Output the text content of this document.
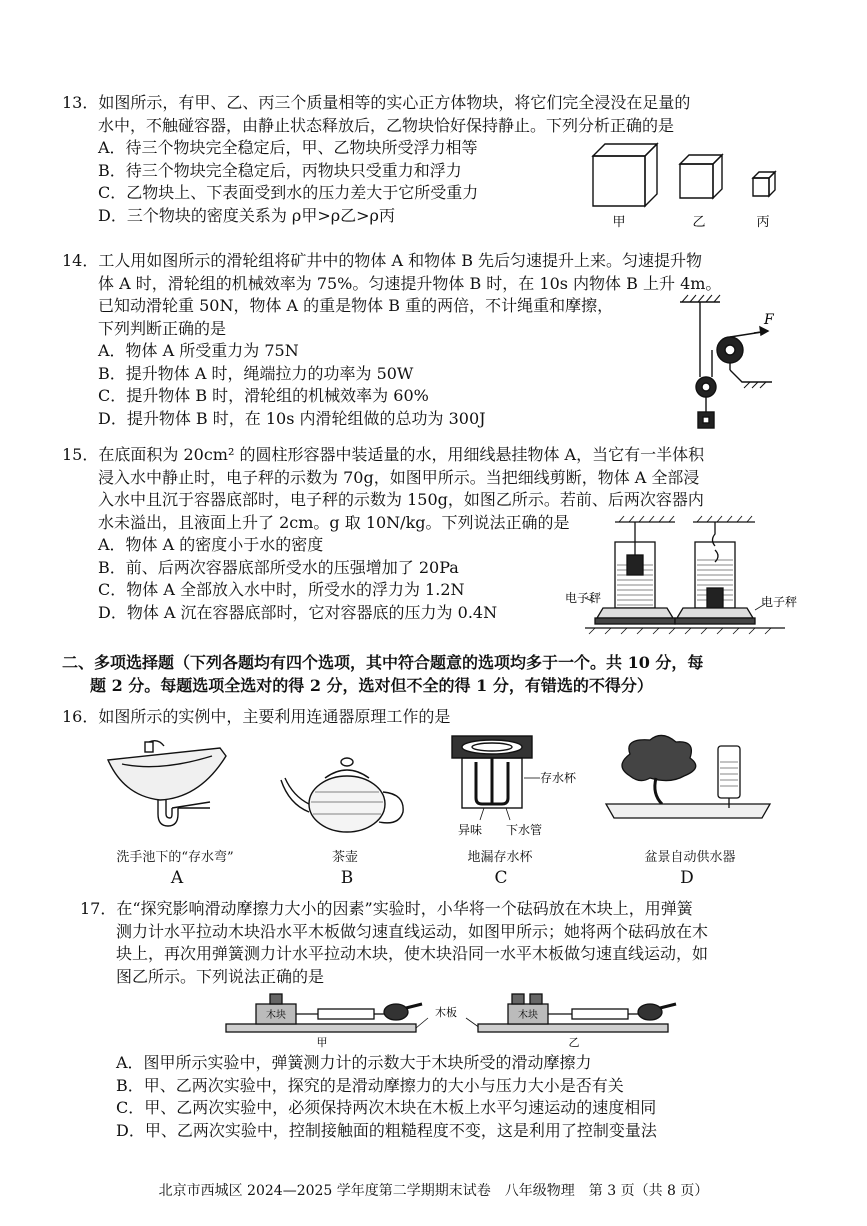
13．如图所示，有甲、乙、丙三个质量相等的实心正方体物块，将它们完全浸没在足量的
水中，不触碰容器，由静止状态释放后，乙物块恰好保持静止。下列分析正确的是
A．待三个物块完全稳定后，甲、乙物块所受浮力相等
B．待三个物块完全稳定后，丙物块只受重力和浮力
C．乙物块上、下表面受到水的压力差大于它所受重力
D．三个物块的密度关系为 ρ甲>ρ乙>ρ丙	甲	乙	丙
14．工人用如图所示的滑轮组将矿井中的物体 A 和物体 B 先后匀速提升上来。匀速提升物
体 A 时，滑轮组的机械效率为 75%。匀速提升物体 B 时，在 10s 内物体 B 上升 4m。
已知动滑轮重 50N，物体 A 的重是物体 B 重的两倍，不计绳重和摩擦，
下列判断正确的是
A．物体 A 所受重力为 75N
B．提升物体 A 时，绳端拉力的功率为 50W
C．提升物体 B 时，滑轮组的机械效率为 60%
D．提升物体 B 时，在 10s 内滑轮组做的总功为 300J
F
15．在底面积为 20cm² 的圆柱形容器中装适量的水，用细线悬挂物体 A，当它有一半体积
浸入水中静止时，电子秤的示数为 70g，如图甲所示。当把细线剪断，物体 A 全部浸
入水中且沉于容器底部时，电子秤的示数为 150g，如图乙所示。若前、后两次容器内
水未溢出，且液面上升了 2cm。g 取 10N/kg。下列说法正确的是
A．物体 A 的密度小于水的密度
B．前、后两次容器底部所受水的压强增加了 20Pa
C．物体 A 全部放入水中时，所受水的浮力为 1.2N
D．物体 A 沉在容器底部时，它对容器底的压力为 0.4N
电子秤	电子秤
二、多项选择题（下列各题均有四个选项，其中符合题意的选项均多于一个。共 10 分，每
题 2 分。每题选项全选对的得 2 分，选对但不全的得 1 分，有错选的不得分）
16．如图所示的实例中，主要利用连通器原理工作的是
存水杯
异味 下水管
洗手池下的“存水弯”	茶壶	地漏存水杯	盆景自动供水器
A	B	C	D
17．在“探究影响滑动摩擦力大小的因素”实验时，小华将一个砝码放在木块上，用弹簧
测力计水平拉动木块沿水平木板做匀速直线运动，如图甲所示；她将两个砝码放在木
块上，再次用弹簧测力计水平拉动木块，使木块沿同一水平木板做匀速直线运动，如
图乙所示。下列说法正确的是
木块	木板	木块
甲	乙
A．图甲所示实验中，弹簧测力计的示数大于木块所受的滑动摩擦力
B．甲、乙两次实验中，探究的是滑动摩擦力的大小与压力大小是否有关
C．甲、乙两次实验中，必须保持两次木块在木板上水平匀速运动的速度相同
D．甲、乙两次实验中，控制接触面的粗糙程度不变，这是利用了控制变量法
北京市西城区 2024—2025 学年度第二学期期末试卷　八年级物理　第 3 页（共 8 页）
